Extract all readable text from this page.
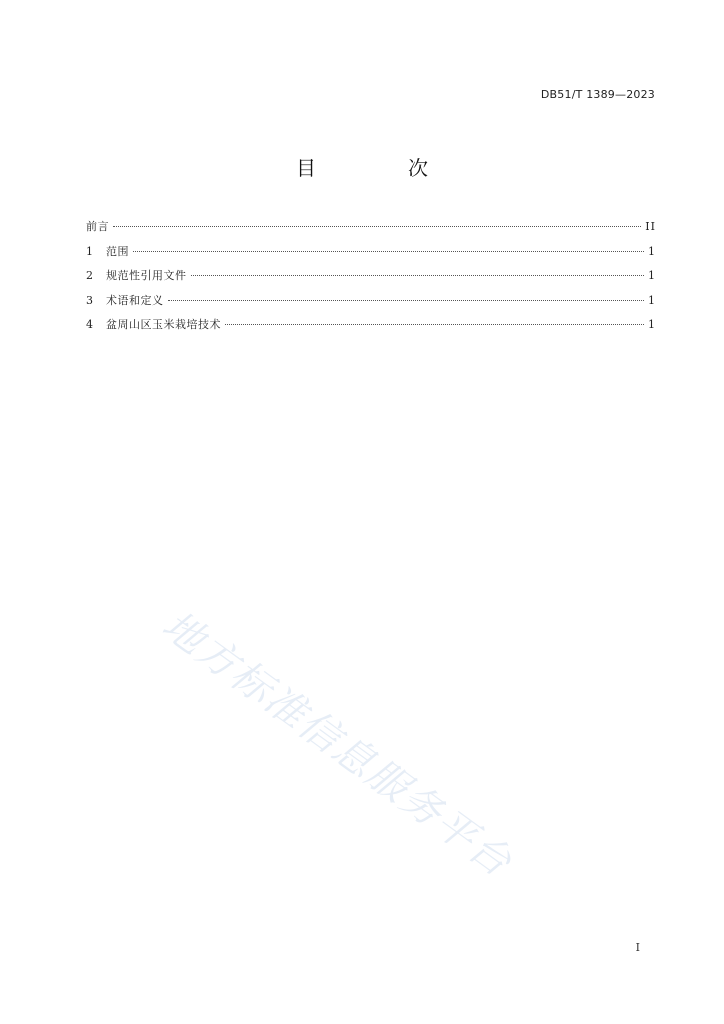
DB51/T 1389—2023
目　次
前言	II
1	范围	1
2	规范性引用文件	1
3	术语和定义	1
4	盆周山区玉米栽培技术	1
地方标准信息服务平台
I
